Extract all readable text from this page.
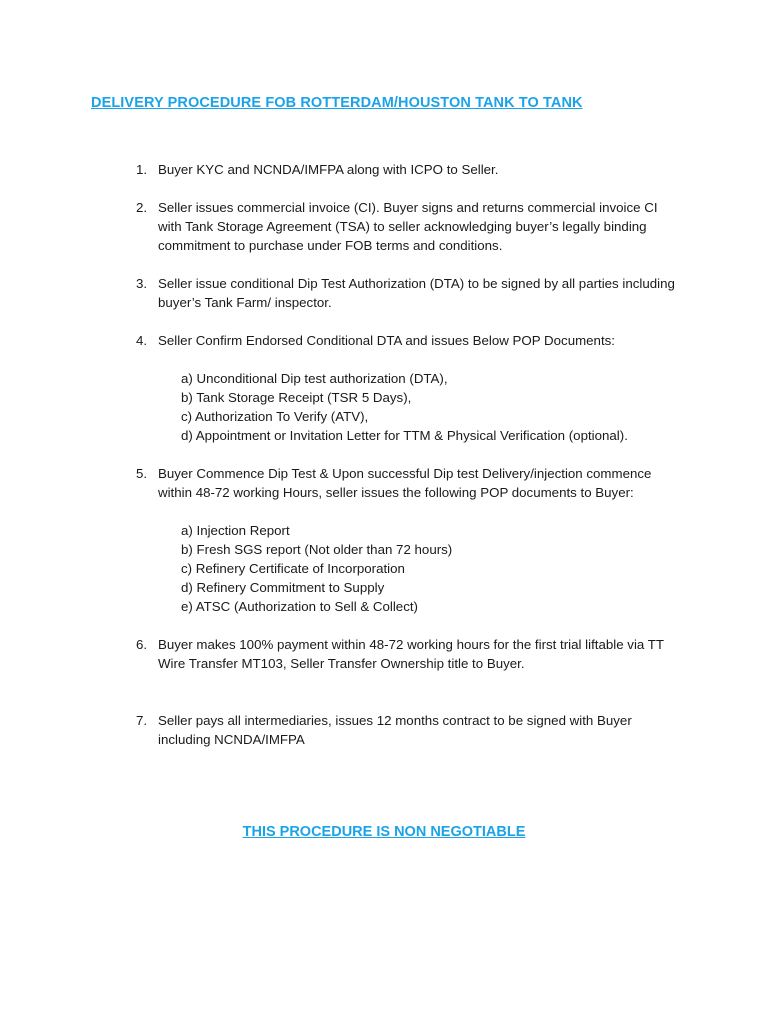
DELIVERY PROCEDURE FOB ROTTERDAM/HOUSTON TANK TO TANK
1. Buyer KYC and NCNDA/IMFPA along with ICPO to Seller.
2. Seller issues commercial invoice (CI). Buyer signs and returns commercial invoice CI with Tank Storage Agreement (TSA) to seller acknowledging buyer’s legally binding commitment to purchase under FOB terms and conditions.
3. Seller issue conditional Dip Test Authorization (DTA) to be signed by all parties including buyer’s Tank Farm/ inspector.
4. Seller Confirm Endorsed Conditional DTA and issues Below POP Documents:
a) Unconditional Dip test authorization (DTA),
b) Tank Storage Receipt (TSR 5 Days),
c) Authorization To Verify (ATV),
d) Appointment or Invitation Letter for TTM & Physical Verification (optional).
5. Buyer Commence Dip Test & Upon successful Dip test Delivery/injection commence within 48-72 working Hours, seller issues the following POP documents to Buyer:
a) Injection Report
b) Fresh SGS report (Not older than 72 hours)
c) Refinery Certificate of Incorporation
d) Refinery Commitment to Supply
e) ATSC (Authorization to Sell & Collect)
6. Buyer makes 100% payment within 48-72 working hours for the first trial liftable via TT Wire Transfer MT103, Seller Transfer Ownership title to Buyer.
7. Seller pays all intermediaries, issues 12 months contract to be signed with Buyer including NCNDA/IMFPA

THIS PROCEDURE IS NON NEGOTIABLE
